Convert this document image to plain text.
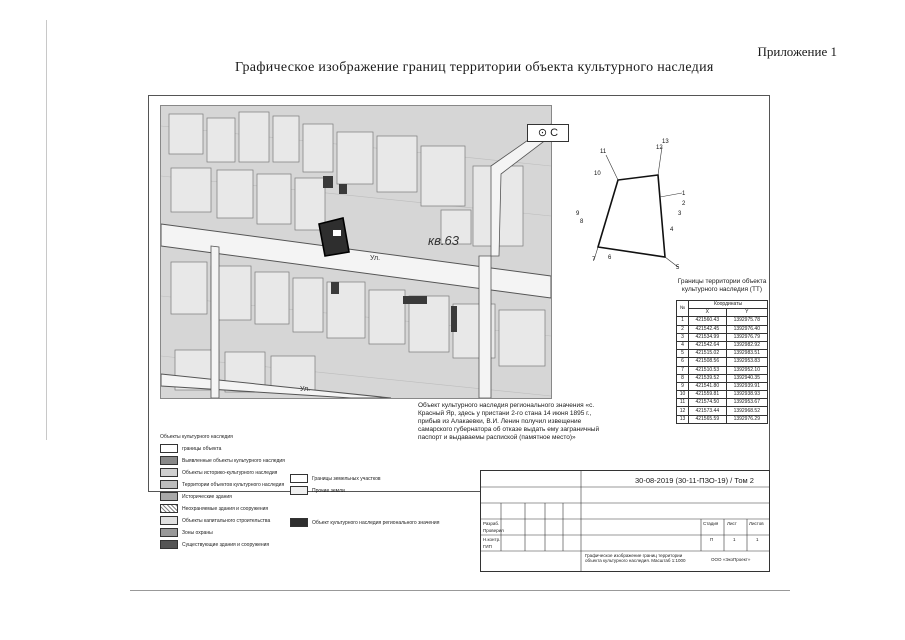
Приложение 1
Графическое изображение границ территории объекта культурного наследия
⊙ С
кв.63
Ул.
Ул.
1
2
3
4
5
6
7
8
9
10
11
12
13
Границы территории объекта культурного наследия (ТТ)
№	Координаты	
	X	Y
1	421560.43	1392975.78
2	421542.45	1392976.40
3	421534.99	1392976.79
4	421542.64	1392982.92
5	421515.02	1392983.51
6	421508.56	1392953.83
7	421510.53	1392952.10
8	421539.52	1392940.35
9	421541.80	1392939.91
10	421559.81	1392938.93
11	421574.50	1392953.67
12	421573.44	1392968.52
13	421565.59	1392976.29
Объект культурного наследия регионального значения «с. Красный Яр, здесь у пристани 2-го стана 14 июня 1895 г., прибыв из Алакаевки, В.И. Ленин получил извещение самарского губернатора об отказе выдать ему заграничный паспорт и выдаваемы распиской (памятное место)»
Объекты культурного наследия
границы объекта
Выявленные объекты культурного наследия
Объекты историко-культурного наследия
Территории объектов культурного наследия
Исторические здания
Неохраняемые здания и сооружения
Объекты капитального строительства
Зоны охраны
Существующие здания и сооружения
Границы земельных участков
Прочие земли
Объект культурного наследия регионального значения	Разраб.
Проверил
Н.контр.
ГИП
Стадия Лист	Листов
П	1	1
Графическое изображение границ территории объекта культурного наследия. Масштаб 1:1000	ООО «ЭкоПроект»
30-08-2019 (30-11-ПЗО-19) / Том 2
